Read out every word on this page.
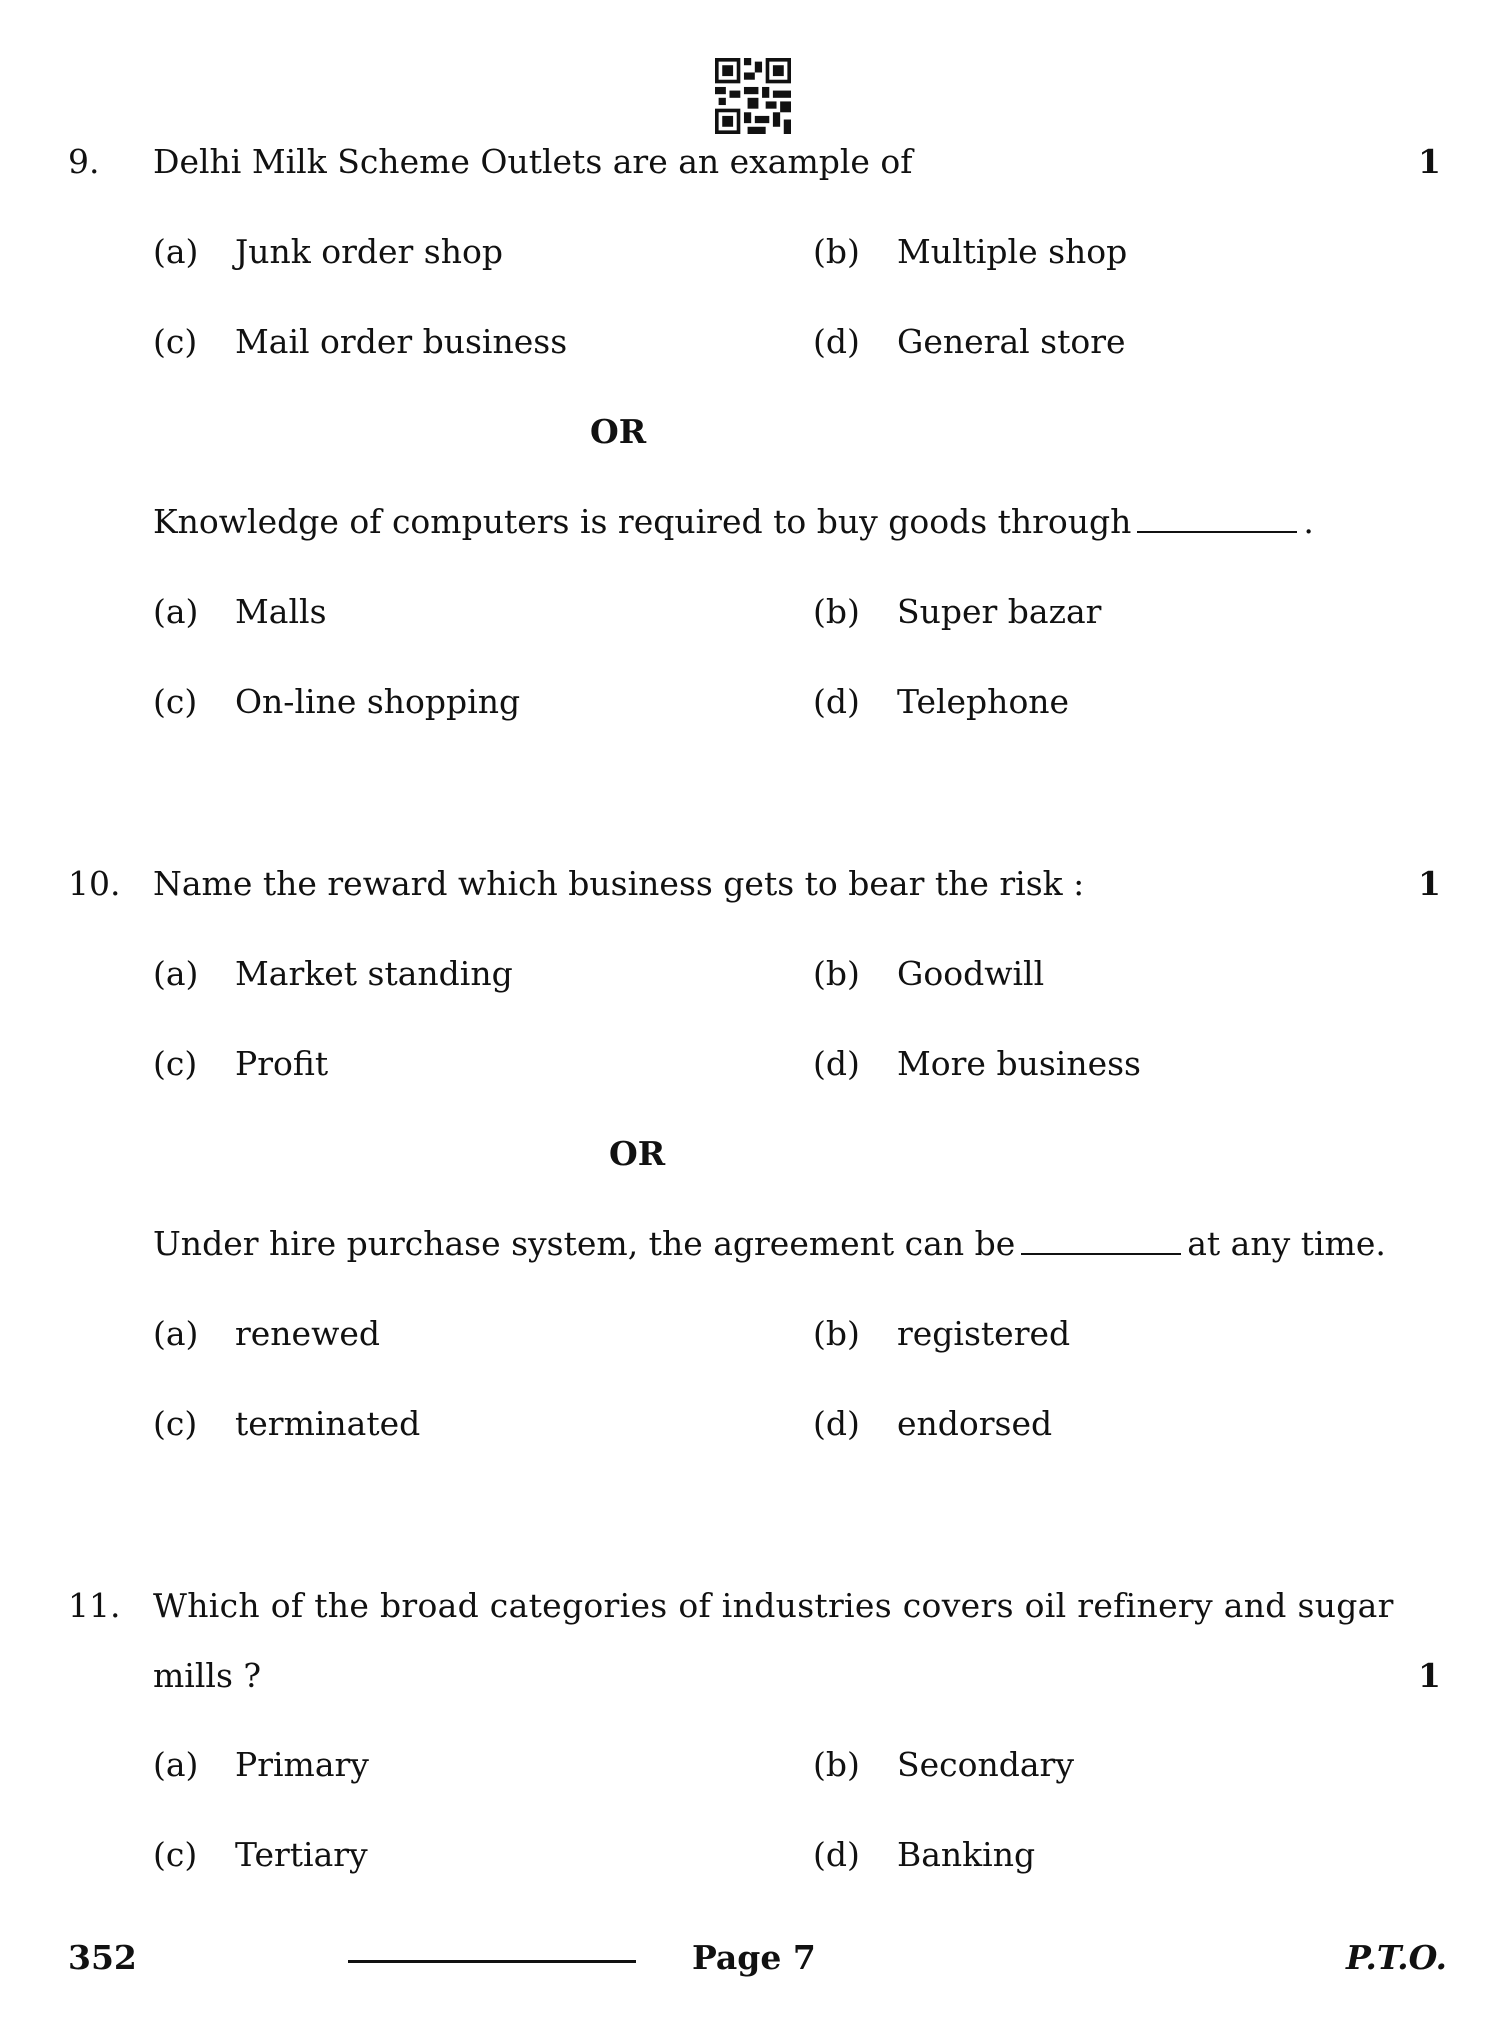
9. Delhi Milk Scheme Outlets are an example of	1
(a) Junk order shop	(b) Multiple shop
(c) Mail order business	(d) General store
OR
Knowledge of computers is required to buy goods through	.
(a) Malls	(b) Super bazar
(c) On-line shopping	(d) Telephone
10. Name the reward which business gets to bear the risk :	1
(a) Market standing	(b) Goodwill
(c) Profit	(d) More business
OR
Under hire purchase system, the agreement can be	at any time.
(a) renewed	(b) registered
(c) terminated	(d) endorsed
11. Which of the broad categories of industries covers oil refinery and sugar
mills ?	1
(a) Primary	(b) Secondary
(c) Tertiary	(d) Banking
352	Page 7	P.T.O.
